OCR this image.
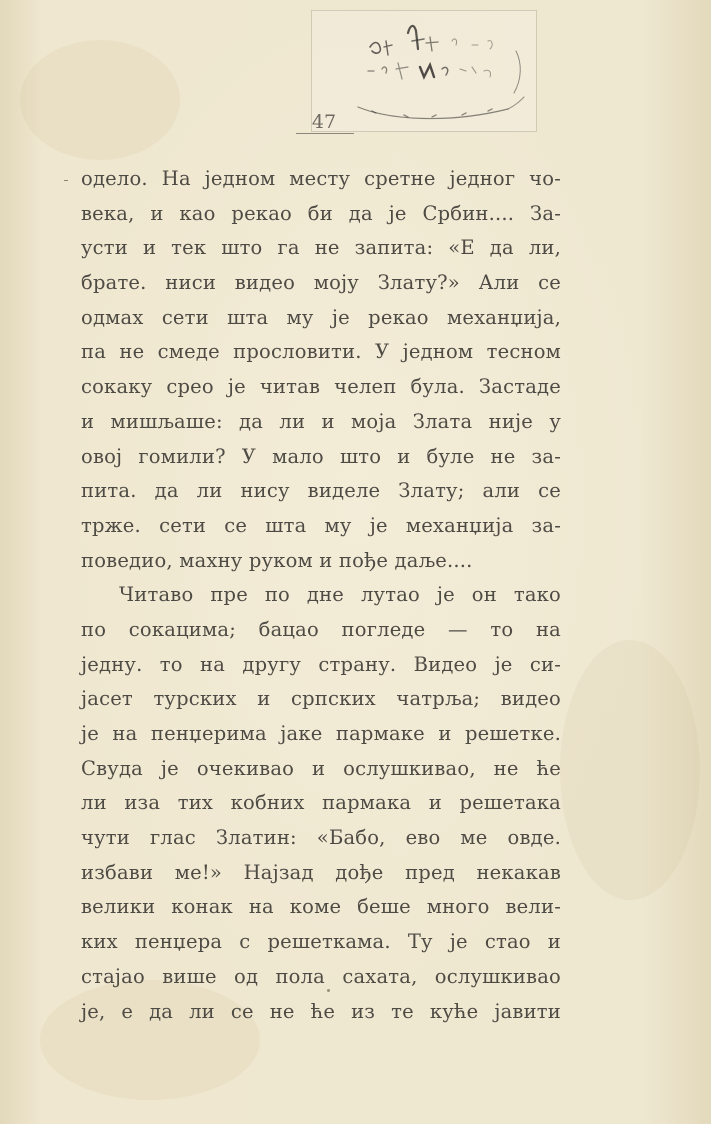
47
одело. На једном месту сретне једног чо-
века, и као рекао би да је Србин.... За-
усти и тек што га не запита: «Е да ли,
брате. ниси видео моју Злату?» Али се
одмах сети шта му је рекао механџија,
па не смеде прословити. У једном тесном
сокаку срео је читав челеп була. Застаде
и мишљаше: да ли и моја Злата није у
овој гомили? У мало што и буле не за-
пита. да ли нису виделе Злату; али се
трже. сети се шта му је механџија за-
поведио, махну руком и пође даље....
Читаво пре по дне лутао је он тако
по сокацима; бацао погледе — то на
једну. то на другу страну. Видео је си-
јасет турских и српских чатрља; видео
је на пенџерима јаке пармаке и решетке.
Свуда је очекивао и ослушкивао, не ће
ли иза тих кобних пармака и решетака
чути глас Златин: «Бабо, ево ме овде.
избави ме!» Најзад дође пред некакав
велики конак на коме беше много вели-
ких пенџера с решеткама. Ту је стао и
стајао више од пола сахата, ослушкивао
је, е да ли се не ће из те куће јавити
